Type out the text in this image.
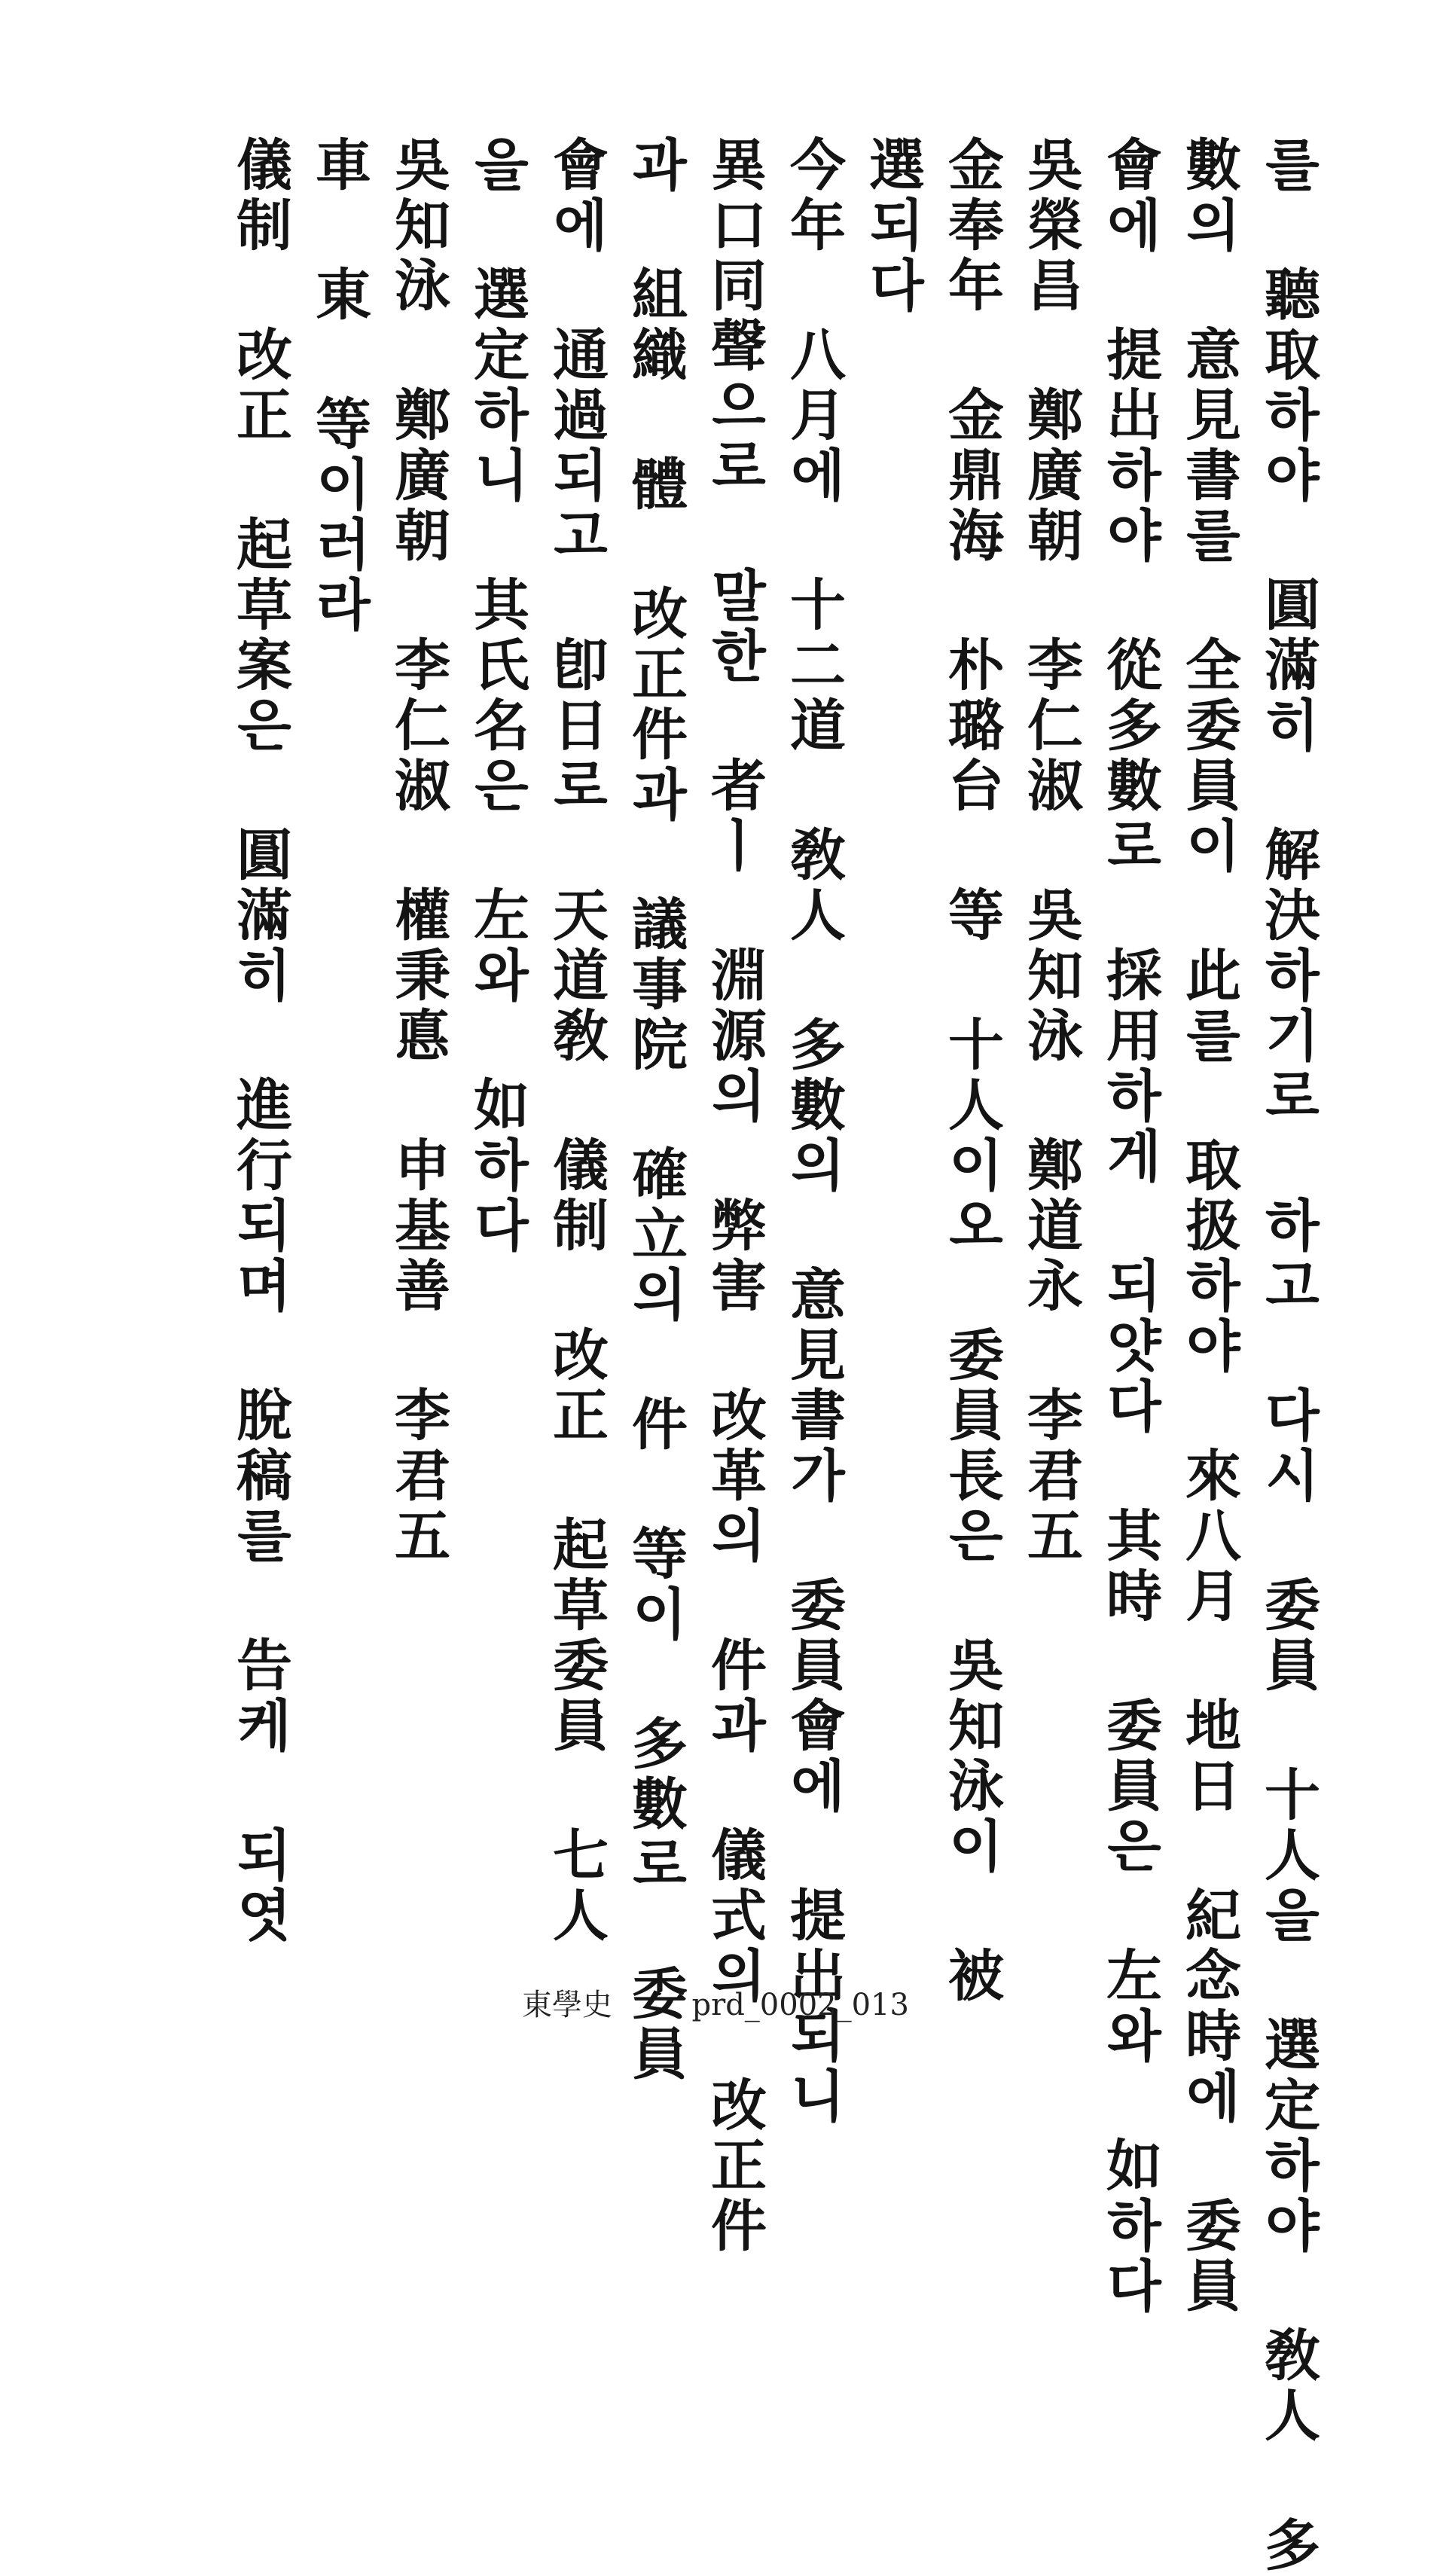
를 聽取하야 圓滿히 解決하기로 하고 다시 委員 十人을 選定하야 敎人 多
數의 意見書를 全委員이 此를 取扱하야 來八月 地日 紀念時에 委員
會에 提出하야 從多數로 採用하게 되얏다 其時 委員은 左와 如하다
吳榮昌 鄭廣朝 李仁淑 吳知泳 鄭道永 李君五
金奉年 金鼎海 朴璐台 等 十人이오 委員長은 吳知泳이 被
選되다
今年 八月에 十二道 敎人 多數의 意見書가 委員會에 提出되니
異口同聲으로 말한 者ㅣ 淵源의 弊害 改革의 件과 儀式의 改正件
과 組織 體 改正件과 議事院 確立의 件 等이 多數로 委員
會에 通過되고 卽日로 天道敎 儀制 改正 起草委員 七人
을 選定하니 其氏名은 左와 如하다
吳知泳 鄭廣朝 李仁淑 權秉悳 申基善 李君五
車 東 等이러라
儀制 改正 起草案은 圓滿히 進行되며 脫稿를 告케 되엿
東學史	prd_0002_013
